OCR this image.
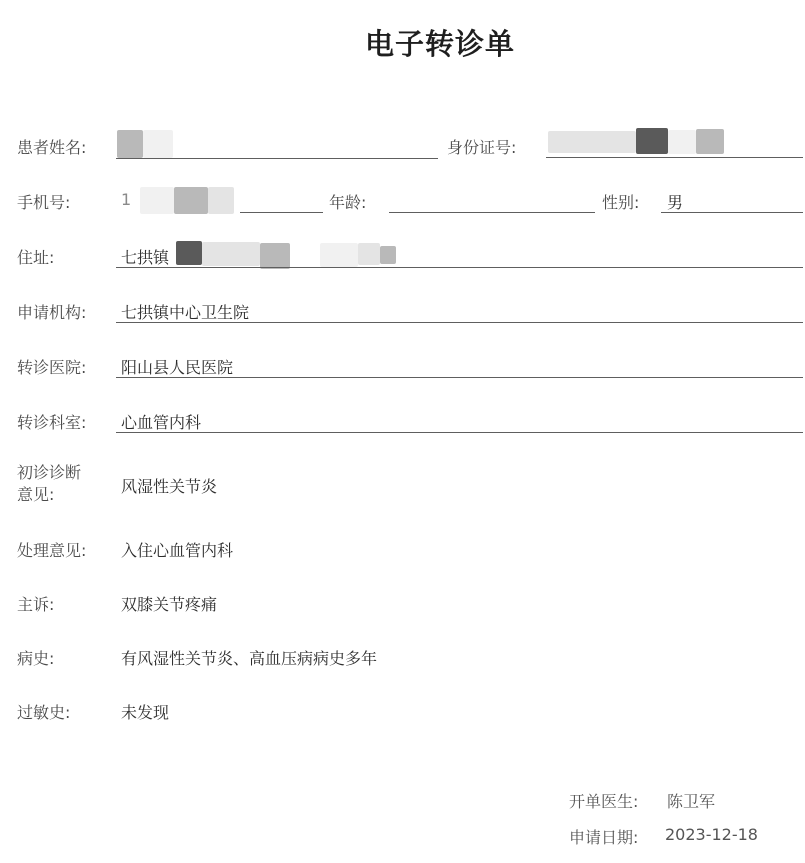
电子转诊单
患者姓名:	身份证号:
手机号:	1	年龄:	性别: 男
住址:	七拱镇
申请机构: 七拱镇中心卫生院
转诊医院: 阳山县人民医院
转诊科室: 心血管内科
初诊诊断
意见:	风湿性关节炎
处理意见: 入住心血管内科
主诉:	双膝关节疼痛
病史:	有风湿性关节炎、高血压病病史多年
过敏史:	未发现
开单医生: 陈卫军
申请日期: 2023-12-18
